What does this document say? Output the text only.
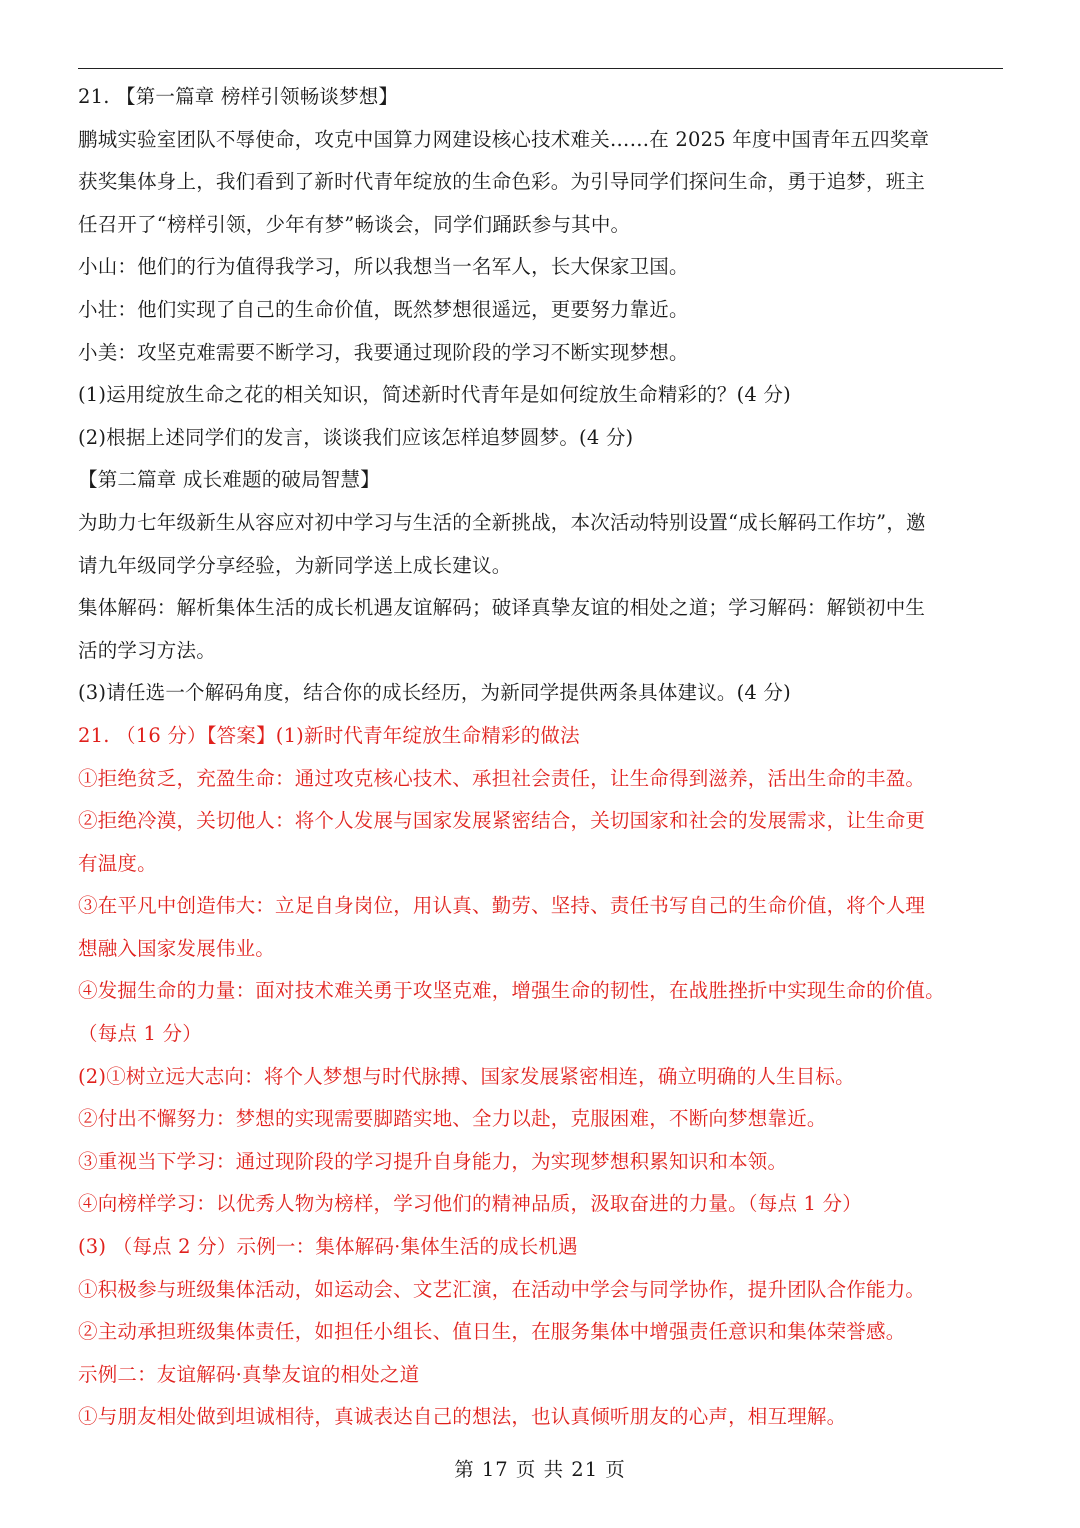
21. 【第一篇章 榜样引领畅谈梦想】
鹏城实验室团队不辱使命，攻克中国算力网建设核心技术难关……在 2025 年度中国青年五四奖章
获奖集体身上，我们看到了新时代青年绽放的生命色彩。为引导同学们探问生命，勇于追梦，班主
任召开了“榜样引领，少年有梦”畅谈会，同学们踊跃参与其中。
小山：他们的行为值得我学习，所以我想当一名军人，长大保家卫国。
小壮：他们实现了自己的生命价值，既然梦想很遥远，更要努力靠近。
小美：攻坚克难需要不断学习，我要通过现阶段的学习不断实现梦想。
(1)运用绽放生命之花的相关知识，简述新时代青年是如何绽放生命精彩的？(4 分)
(2)根据上述同学们的发言，谈谈我们应该怎样追梦圆梦。(4 分)
【第二篇章 成长难题的破局智慧】
为助力七年级新生从容应对初中学习与生活的全新挑战，本次活动特别设置“成长解码工作坊”，邀
请九年级同学分享经验，为新同学送上成长建议。
集体解码：解析集体生活的成长机遇友谊解码；破译真挚友谊的相处之道；学习解码：解锁初中生
活的学习方法。
(3)请任选一个解码角度，结合你的成长经历，为新同学提供两条具体建议。(4 分)
21. （16 分）【答案】(1)新时代青年绽放生命精彩的做法
①拒绝贫乏，充盈生命：通过攻克核心技术、承担社会责任，让生命得到滋养，活出生命的丰盈。
②拒绝冷漠，关切他人：将个人发展与国家发展紧密结合，关切国家和社会的发展需求，让生命更
有温度。
③在平凡中创造伟大：立足自身岗位，用认真、勤劳、坚持、责任书写自己的生命价值，将个人理
想融入国家发展伟业。
④发掘生命的力量：面对技术难关勇于攻坚克难，增强生命的韧性，在战胜挫折中实现生命的价值。
（每点 1 分）
(2)①树立远大志向：将个人梦想与时代脉搏、国家发展紧密相连，确立明确的人生目标。
②付出不懈努力：梦想的实现需要脚踏实地、全力以赴，克服困难，不断向梦想靠近。
③重视当下学习：通过现阶段的学习提升自身能力，为实现梦想积累知识和本领。
④向榜样学习：以优秀人物为榜样，学习他们的精神品质，汲取奋进的力量。（每点 1 分）
(3) （每点 2 分）示例一：集体解码·集体生活的成长机遇
①积极参与班级集体活动，如运动会、文艺汇演，在活动中学会与同学协作，提升团队合作能力。
②主动承担班级集体责任，如担任小组长、值日生，在服务集体中增强责任意识和集体荣誉感。
示例二：友谊解码·真挚友谊的相处之道
①与朋友相处做到坦诚相待，真诚表达自己的想法，也认真倾听朋友的心声，相互理解。
第 17 页 共 21 页
